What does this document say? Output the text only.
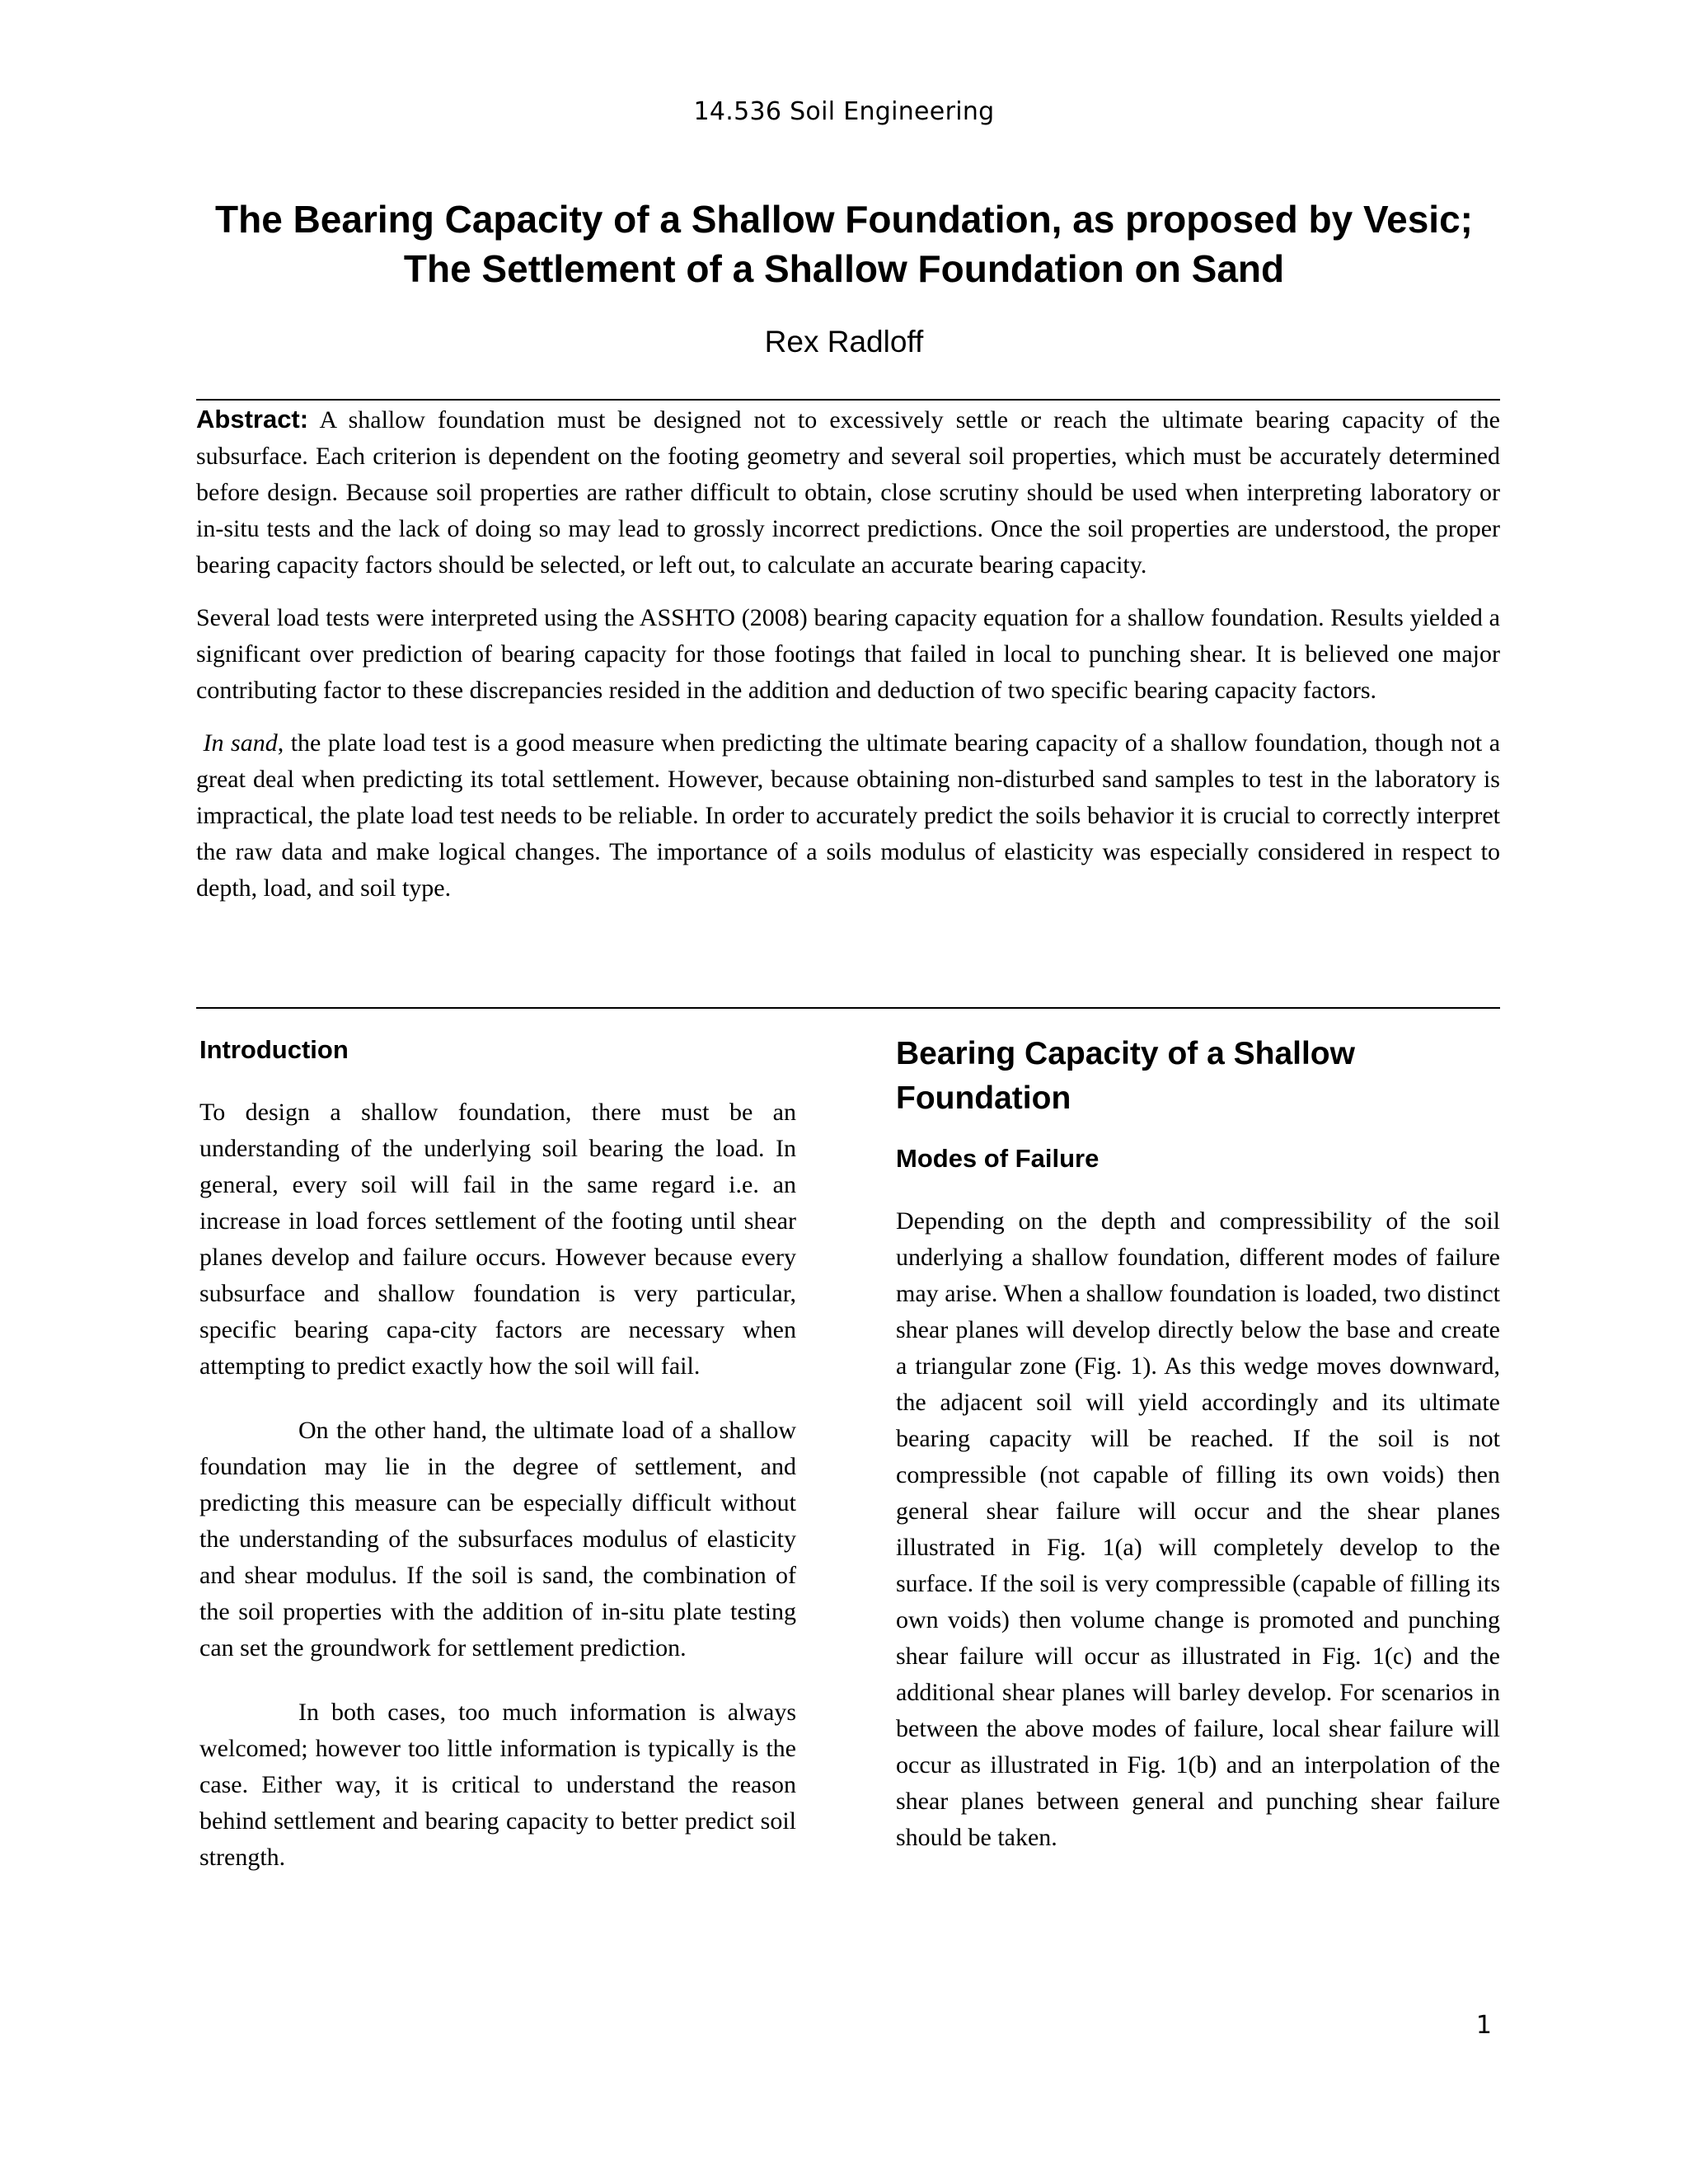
14.536 Soil Engineering
The Bearing Capacity of a Shallow Foundation, as proposed by Vesic;
The Settlement of a Shallow Foundation on Sand
Rex Radloff

Abstract: A shallow foundation must be designed not to excessively settle or reach the ultimate bearing capacity of the subsurface. Each criterion is dependent on the footing geometry and several soil properties, which must be accurately determined before design. Because soil properties are rather difficult to obtain, close scrutiny should be used when interpreting laboratory or in-situ tests and the lack of doing so may lead to grossly incorrect predictions. Once the soil properties are understood, the proper bearing capacity factors should be selected, or left out, to calculate an accurate bearing capacity.

Several load tests were interpreted using the ASSHTO (2008) bearing capacity equation for a shallow foundation. Results yielded a significant over prediction of bearing capacity for those footings that failed in local to punching shear. It is believed one major contributing factor to these discrepancies resided in the addition and deduction of two specific bearing capacity factors.

In sand, the plate load test is a good measure when predicting the ultimate bearing capacity of a shallow foundation, though not a great deal when predicting its total settlement. However, because obtaining non-disturbed sand samples to test in the laboratory is impractical, the plate load test needs to be reliable. In order to accurately predict the soils behavior it is crucial to correctly interpret the raw data and make logical changes. The importance of a soils modulus of elasticity was especially considered in respect to depth, load, and soil type.

Introduction

To design a shallow foundation, there must be an understanding of the underlying soil bearing the load. In general, every soil will fail in the same regard i.e. an increase in load forces settlement of the footing until shear planes develop and failure occurs. However because every subsurface and shallow foundation is very particular, specific bearing capa-city factors are necessary when attempting to predict exactly how the soil will fail.

On the other hand, the ultimate load of a shallow foundation may lie in the degree of settlement, and predicting this measure can be especially difficult without the understanding of the subsurfaces modulus of elasticity and shear modulus. If the soil is sand, the combination of the soil properties with the addition of in-situ plate testing can set the groundwork for settlement prediction.

In both cases, too much information is always welcomed; however too little information is typically is the case. Either way, it is critical to understand the reason behind settlement and bearing capacity to better predict soil strength.

Bearing Capacity of a Shallow Foundation
Modes of Failure

Depending on the depth and compressibility of the soil underlying a shallow foundation, different modes of failure may arise. When a shallow foundation is loaded, two distinct shear planes will develop directly below the base and create a triangular zone (Fig. 1). As this wedge moves downward, the adjacent soil will yield accordingly and its ultimate bearing capacity will be reached. If the soil is not compressible (not capable of filling its own voids) then general shear failure will occur and the shear planes illustrated in Fig. 1(a) will completely develop to the surface. If the soil is very compressible (capable of filling its own voids) then volume change is promoted and punching shear failure will occur as illustrated in Fig. 1(c) and the additional shear planes will barley develop. For scenarios in between the above modes of failure, local shear failure will occur as illustrated in Fig. 1(b) and an interpolation of the shear planes between general and punching shear failure should be taken.

1
